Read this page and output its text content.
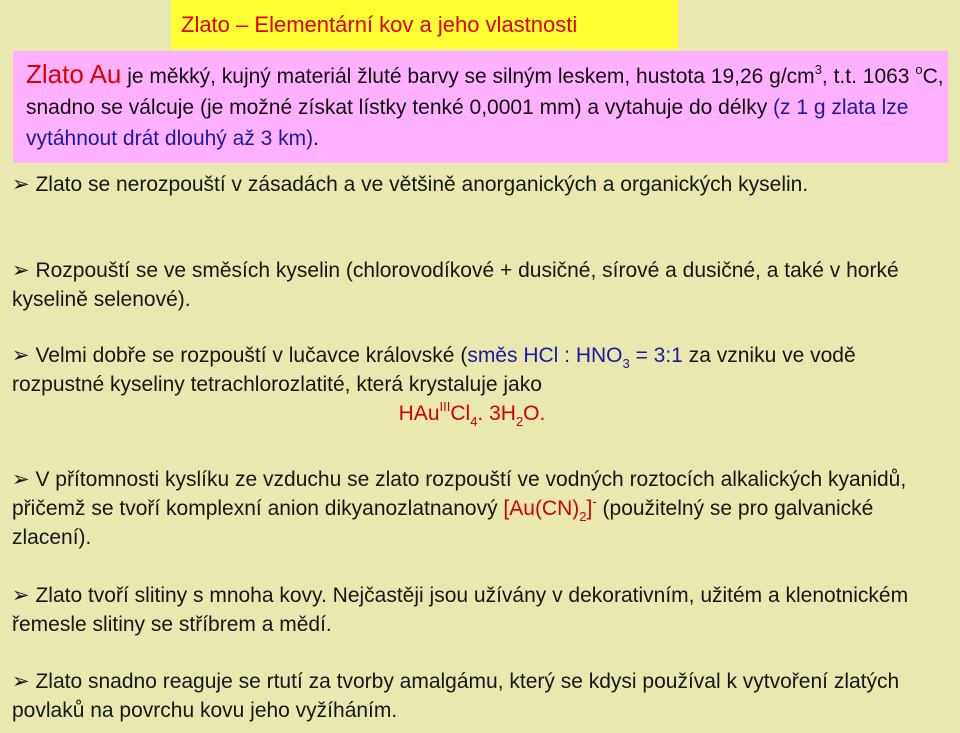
Zlato – Elementární kov a jeho vlastnosti
Zlato Au je měkký, kujný materiál žluté barvy se silným leskem, hustota 19,26 $g/cm^3$, t.t. 1063 $^o$C, snadno se válcuje (je možné získat lístky tenké 0,0001 mm) a vytahuje do délky (z 1 g zlata lze vytáhnout drát dlouhý až 3 km).

➢ Zlato se nerozpouští v zásadách a ve většině anorganických a organických kyselin.

➢ Rozpouští se ve směsích kyselin (chlorovodíkové + dusičné, sírové a dusičné, a také v horké kyselině selenové).

➢ Velmi dobře se rozpouští v lučavce královské (směs HCl : $HNO_3$ = 3:1 za vzniku ve vodě rozpustné kyseliny tetrachlorozlatité, která krystaluje jako
$HAu^{III}Cl_4$. $3H_2O$.

➢ V přítomnosti kyslíku ze vzduchu se zlato rozpouští ve vodných roztocích alkalických kyanidů, přičemž se tvoří komplexní anion dikyanozlatnanový $[Au(CN)_2]^-$ (použitelný se pro galvanické zlacení).

➢ Zlato tvoří slitiny s mnoha kovy. Nejčastěji jsou užívány v dekorativním, užitém a klenotnickém řemesle slitiny se stříbrem a mědí.

➢ Zlato snadno reaguje se rtutí za tvorby amalgámu, který se kdysi používal k vytvoření zlatých povlaků na povrchu kovu jeho vyžíháním.
